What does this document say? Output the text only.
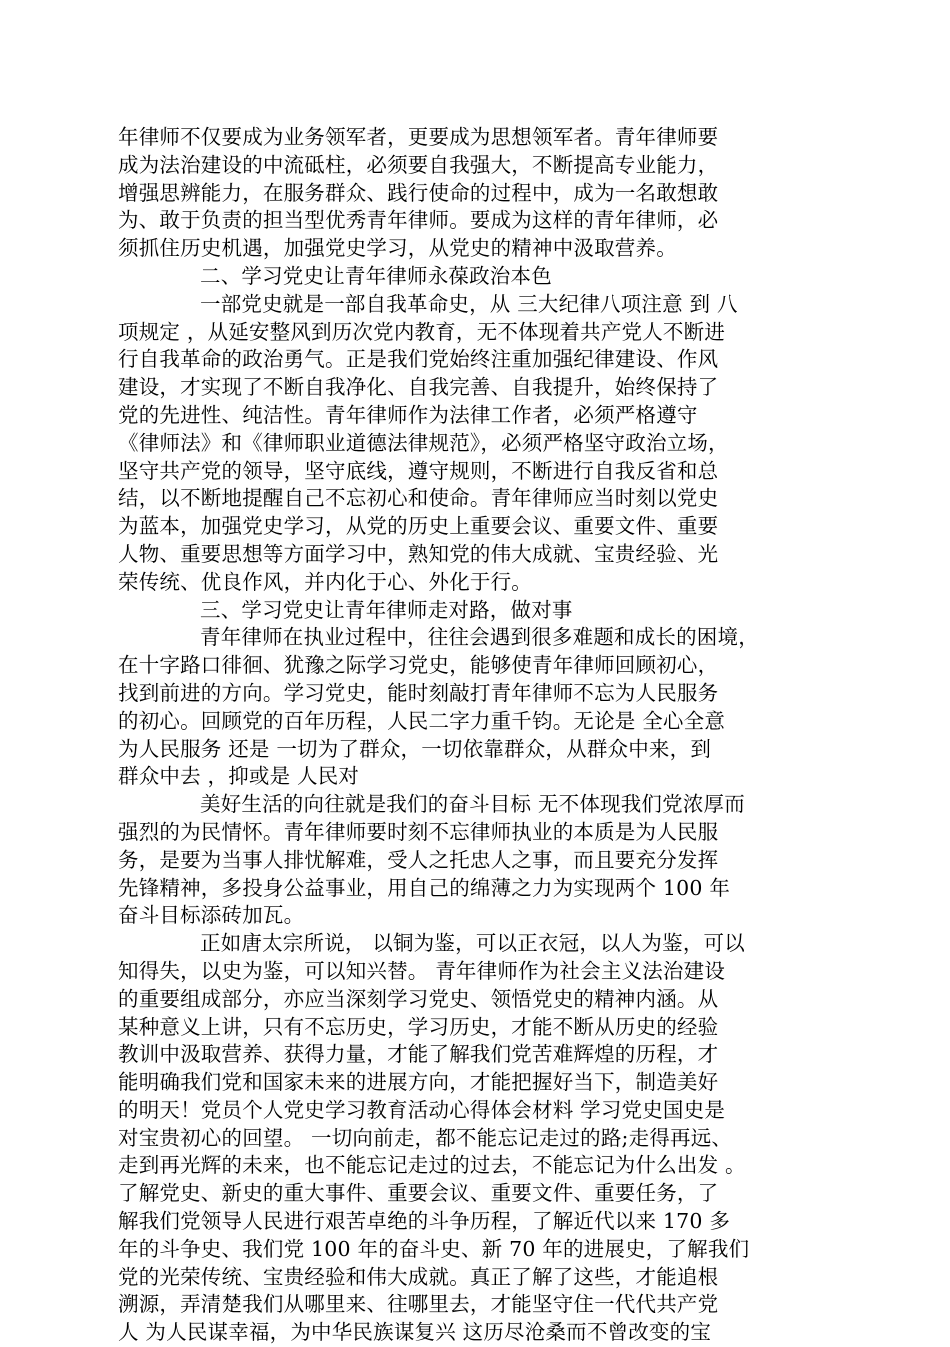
年律师不仅要成为业务领军者，更要成为思想领军者。青年律师要
成为法治建设的中流砥柱，必须要自我强大，不断提高专业能力，
增强思辨能力，在服务群众、践行使命的过程中，成为一名敢想敢
为、敢于负责的担当型优秀青年律师。要成为这样的青年律师，必
须抓住历史机遇，加强党史学习，从党史的精神中汲取营养。
二、学习党史让青年律师永葆政治本色
一部党史就是一部自我革命史，从 三大纪律八项注意 到 八
项规定 ，从延安整风到历次党内教育，无不体现着共产党人不断进
行自我革命的政治勇气。正是我们党始终注重加强纪律建设、作风
建设，才实现了不断自我净化、自我完善、自我提升，始终保持了
党的先进性、纯洁性。青年律师作为法律工作者，必须严格遵守
《律师法》和《律师职业道德法律规范》，必须严格坚守政治立场，
坚守共产党的领导，坚守底线，遵守规则，不断进行自我反省和总
结，以不断地提醒自己不忘初心和使命。青年律师应当时刻以党史
为蓝本，加强党史学习，从党的历史上重要会议、重要文件、重要
人物、重要思想等方面学习中，熟知党的伟大成就、宝贵经验、光
荣传统、优良作风，并内化于心、外化于行。
三、学习党史让青年律师走对路，做对事
青年律师在执业过程中，往往会遇到很多难题和成长的困境，
在十字路口徘徊、犹豫之际学习党史，能够使青年律师回顾初心，
找到前进的方向。学习党史，能时刻敲打青年律师不忘为人民服务
的初心。回顾党的百年历程，人民二字力重千钧。无论是 全心全意
为人民服务 还是 一切为了群众，一切依靠群众，从群众中来，到
群众中去 ，抑或是 人民对
美好生活的向往就是我们的奋斗目标 无不体现我们党浓厚而
强烈的为民情怀。青年律师要时刻不忘律师执业的本质是为人民服
务，是要为当事人排忧解难，受人之托忠人之事，而且要充分发挥
先锋精神，多投身公益事业，用自己的绵薄之力为实现两个 100 年
奋斗目标添砖加瓦。
正如唐太宗所说， 以铜为鉴，可以正衣冠，以人为鉴，可以
知得失，以史为鉴，可以知兴替。 青年律师作为社会主义法治建设
的重要组成部分，亦应当深刻学习党史、领悟党史的精神内涵。从
某种意义上讲，只有不忘历史，学习历史，才能不断从历史的经验
教训中汲取营养、获得力量，才能了解我们党苦难辉煌的历程，才
能明确我们党和国家未来的进展方向，才能把握好当下，制造美好
的明天！党员个人党史学习教育活动心得体会材料 学习党史国史是
对宝贵初心的回望。 一切向前走，都不能忘记走过的路;走得再远、
走到再光辉的未来，也不能忘记走过的过去，不能忘记为什么出发 。
了解党史、新史的重大事件、重要会议、重要文件、重要任务，了
解我们党领导人民进行艰苦卓绝的斗争历程，了解近代以来 170 多
年的斗争史、我们党 100 年的奋斗史、新 70 年的进展史，了解我们
党的光荣传统、宝贵经验和伟大成就。真正了解了这些，才能追根
溯源，弄清楚我们从哪里来、往哪里去，才能坚守住一代代共产党
人 为人民谋幸福，为中华民族谋复兴 这历尽沧桑而不曾改变的宝
